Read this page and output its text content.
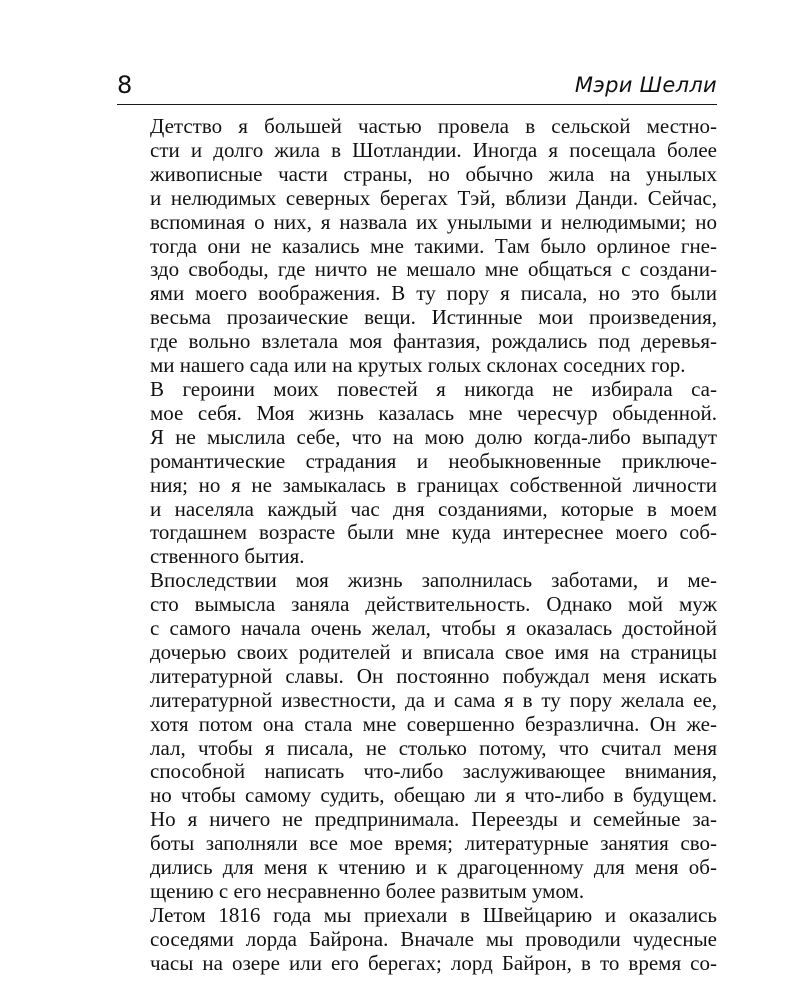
8	Мэри Шелли
Детство я большей частью провела в сельской местно-
сти и долго жила в Шотландии. Иногда я посещала более
живописные части страны, но обычно жила на унылых
и нелюдимых северных берегах Тэй, вблизи Данди. Сейчас,
вспоминая о них, я назвала их унылыми и нелюдимыми; но
тогда они не казались мне такими. Там было орлиное гне-
здо свободы, где ничто не мешало мне общаться с создани-
ями моего воображения. В ту пору я писала, но это были
весьма прозаические вещи. Истинные мои произведения,
где вольно взлетала моя фантазия, рождались под деревья-
ми нашего сада или на крутых голых склонах соседних гор.
В героини моих повестей я никогда не избирала са-
мое себя. Моя жизнь казалась мне чересчур обыденной.
Я не мыслила себе, что на мою долю когда-либо выпадут
романтические страдания и необыкновенные приключе-
ния; но я не замыкалась в границах собственной личности
и населяла каждый час дня созданиями, которые в моем
тогдашнем возрасте были мне куда интереснее моего соб-
ственного бытия.
Впоследствии моя жизнь заполнилась заботами, и ме-
сто вымысла заняла действительность. Однако мой муж
с самого начала очень желал, чтобы я оказалась достойной
дочерью своих родителей и вписала свое имя на страницы
литературной славы. Он постоянно побуждал меня искать
литературной известности, да и сама я в ту пору желала ее,
хотя потом она стала мне совершенно безразлична. Он же-
лал, чтобы я писала, не столько потому, что считал меня
способной написать что-либо заслуживающее внимания,
но чтобы самому судить, обещаю ли я что-либо в будущем.
Но я ничего не предпринимала. Переезды и семейные за-
боты заполняли все мое время; литературные занятия сво-
дились для меня к чтению и к драгоценному для меня об-
щению с его несравненно более развитым умом.
Летом 1816 года мы приехали в Швейцарию и оказались
соседями лорда Байрона. Вначале мы проводили чудесные
часы на озере или его берегах; лорд Байрон, в то время со-
